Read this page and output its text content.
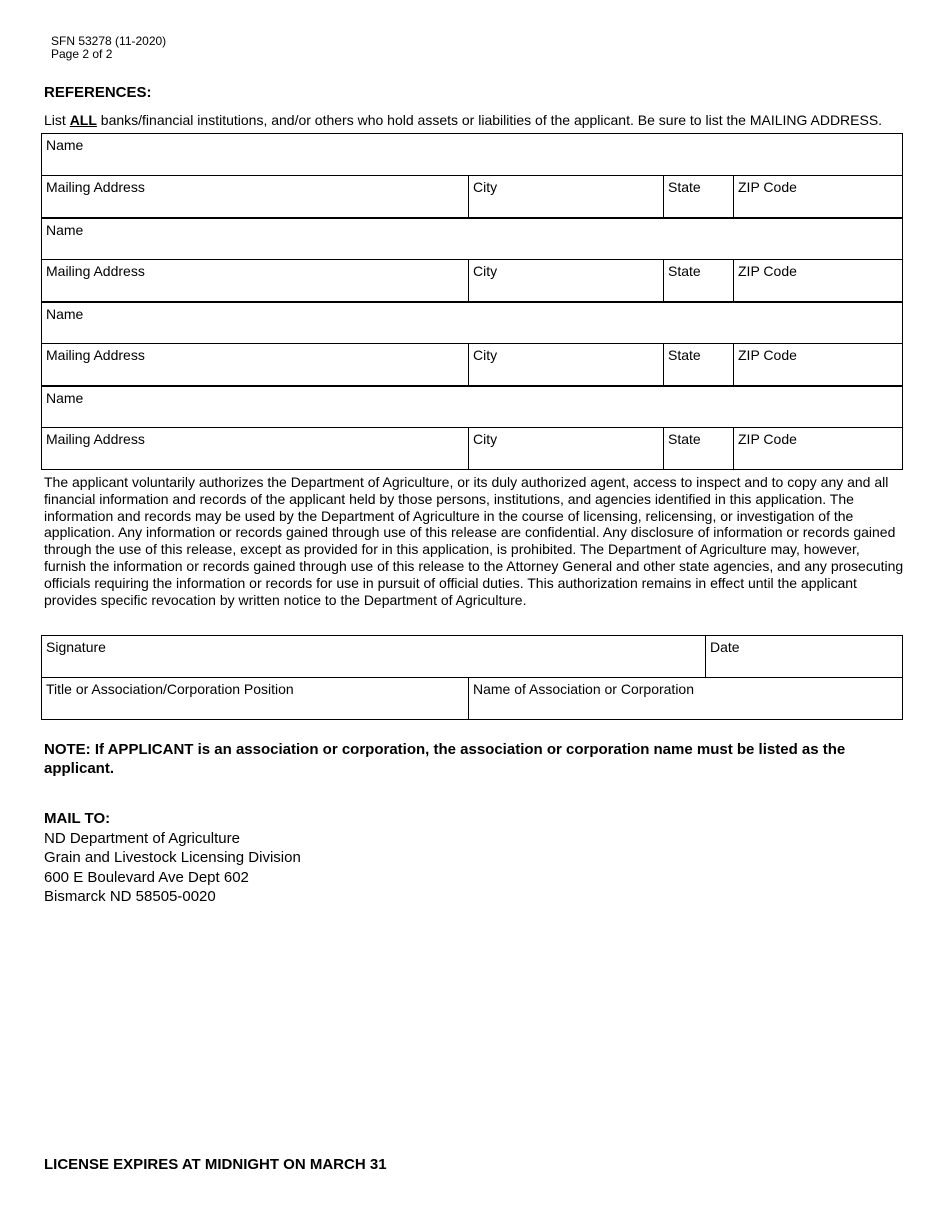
SFN 53278 (11-2020)
Page 2 of 2
REFERENCES:
List ALL banks/financial institutions, and/or others who hold assets or liabilities of the applicant. Be sure to list the MAILING ADDRESS.
Name			
Mailing Address	City	State	ZIP Code
Name			
Mailing Address	City	State	ZIP Code
Name			
Mailing Address	City	State	ZIP Code
Name			
Mailing Address	City	State	ZIP Code
The applicant voluntarily authorizes the Department of Agriculture, or its duly authorized agent, access to inspect and to copy any and all financial information and records of the applicant held by those persons, institutions, and agencies identified in this application. The information and records may be used by the Department of Agriculture in the course of licensing, relicensing, or investigation of the application. Any information or records gained through use of this release are confidential. Any disclosure of information or records gained through the use of this release, except as provided for in this application, is prohibited. The Department of Agriculture may, however, furnish the information or records gained through use of this release to the Attorney General and other state agencies, and any prosecuting officials requiring the information or records for use in pursuit of official duties. This authorization remains in effect until the applicant provides specific revocation by written notice to the Department of Agriculture.
Signature		Date
Title or Association/Corporation Position	Name of Association or Corporation	
NOTE: If APPLICANT is an association or corporation, the association or corporation name must be listed as the applicant.
MAIL TO:
ND Department of Agriculture
Grain and Livestock Licensing Division
600 E Boulevard Ave Dept 602
Bismarck ND 58505-0020
LICENSE EXPIRES AT MIDNIGHT ON MARCH 31
